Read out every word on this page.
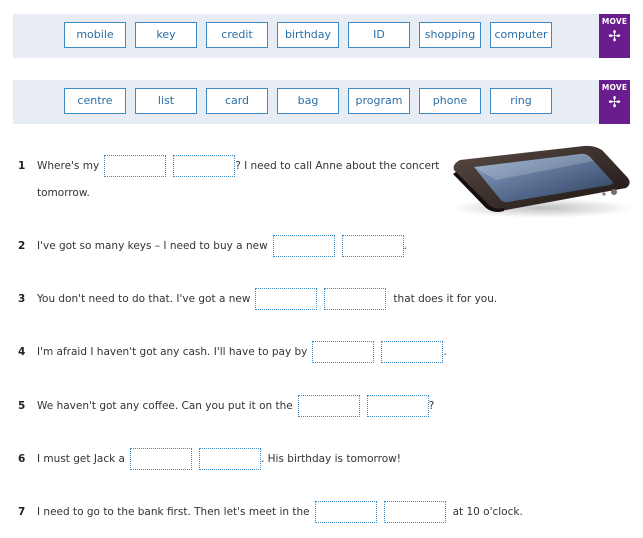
mobile	key	credit	birthday	ID	shopping	computer
MOVE
✢
centre	list	card	bag	program	phone	ring
MOVE
✢
1	Where's my	? I need to call Anne about the concert
tomorrow.
2	I've got so many keys – I need to buy a new	.
3	You don't need to do that. I've got a new	that does it for you.
4	I'm afraid I haven't got any cash. I'll have to pay by	.
5	We haven't got any coffee. Can you put it on the	?
6	I must get Jack a	. His birthday is tomorrow!
7	I need to go to the bank first. Then let's meet in the	at 10 o'clock.
